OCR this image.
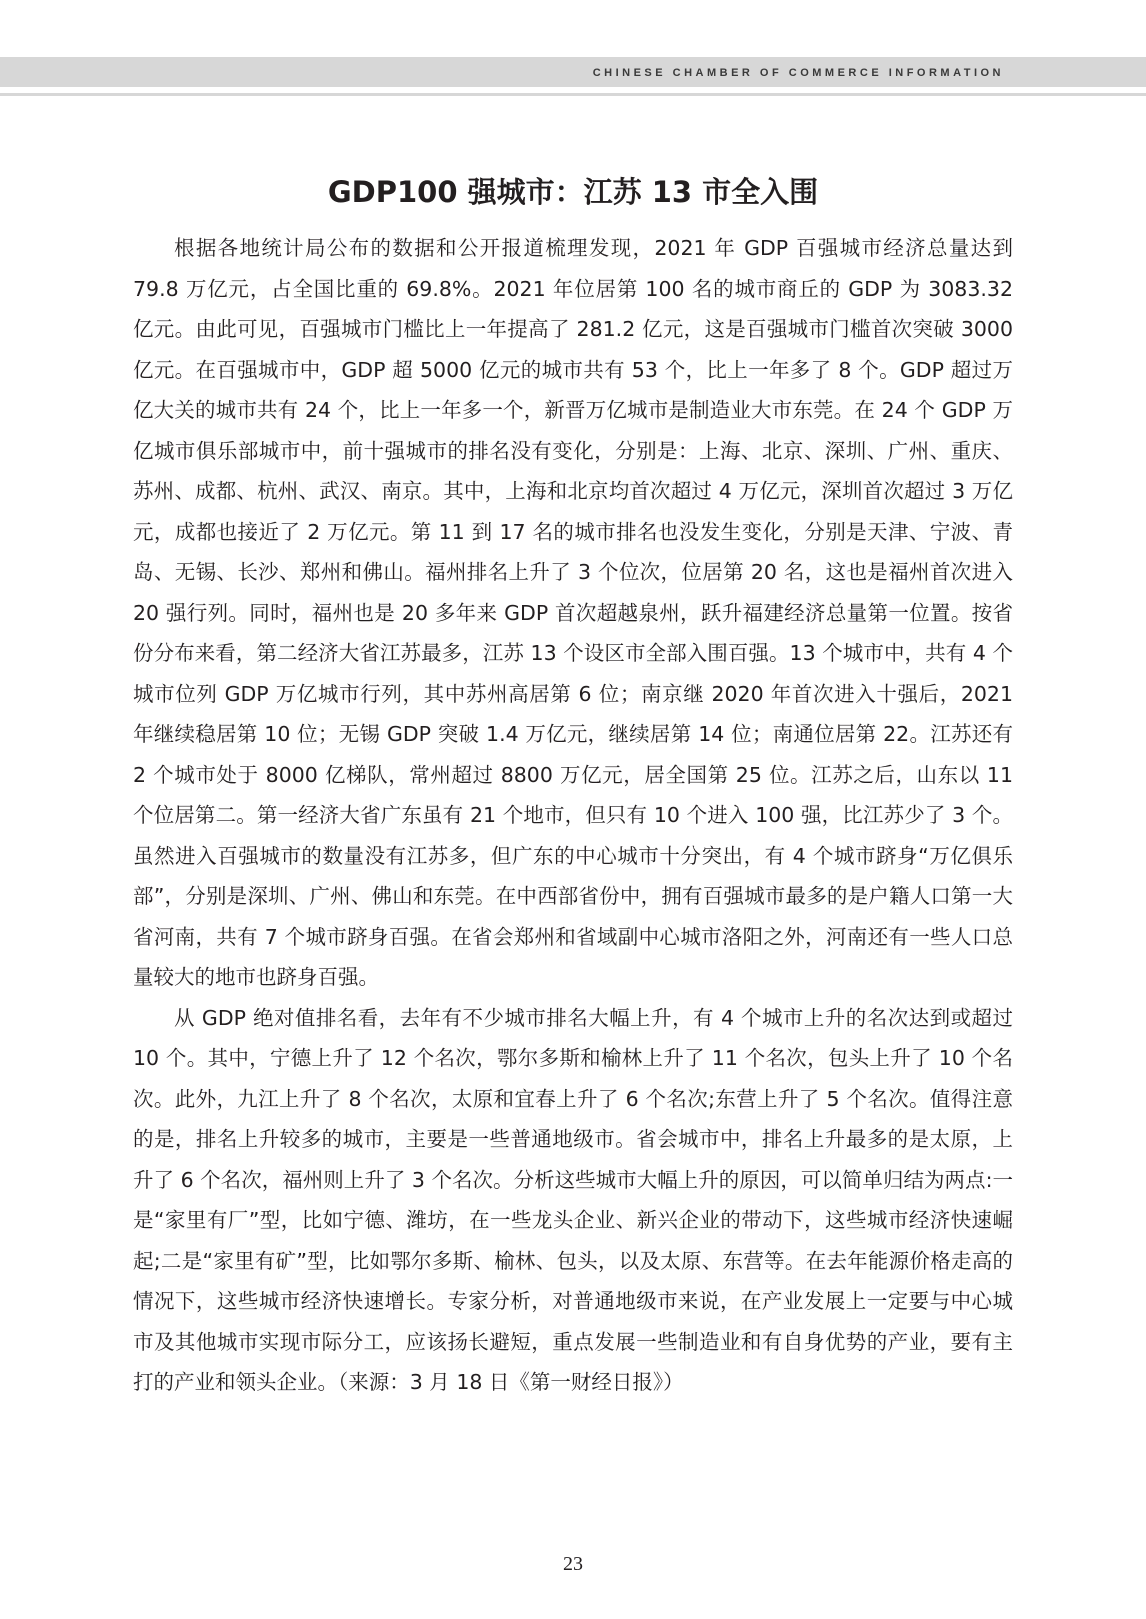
CHINESE CHAMBER OF COMMERCE INFORMATION
GDP100 强城市：江苏 13 市全入围

根据各地统计局公布的数据和公开报道梳理发现，2021 年 GDP 百强城市经济总量达到 79.8 万亿元，占全国比重的 69.8%。2021 年位居第 100 名的城市商丘的 GDP 为 3083.32 亿元。由此可见，百强城市门槛比上一年提高了 281.2 亿元，这是百强城市门槛首次突破 3000 亿元。在百强城市中，GDP 超 5000 亿元的城市共有 53 个，比上一年多了 8 个。GDP 超过万亿大关的城市共有 24 个，比上一年多一个，新晋万亿城市是制造业大市东莞。在 24 个 GDP 万亿城市俱乐部城市中，前十强城市的排名没有变化，分别是：上海、北京、深圳、广州、重庆、苏州、成都、杭州、武汉、南京。其中，上海和北京均首次超过 4 万亿元，深圳首次超过 3 万亿元，成都也接近了 2 万亿元。第 11 到 17 名的城市排名也没发生变化，分别是天津、宁波、青岛、无锡、长沙、郑州和佛山。福州排名上升了 3 个位次，位居第 20 名，这也是福州首次进入 20 强行列。同时，福州也是 20 多年来 GDP 首次超越泉州，跃升福建经济总量第一位置。按省份分布来看，第二经济大省江苏最多，江苏 13 个设区市全部入围百强。13 个城市中，共有 4 个城市位列 GDP 万亿城市行列，其中苏州高居第 6 位；南京继 2020 年首次进入十强后，2021 年继续稳居第 10 位；无锡 GDP 突破 1.4 万亿元，继续居第 14 位；南通位居第 22。江苏还有 2 个城市处于 8000 亿梯队，常州超过 8800 万亿元，居全国第 25 位。江苏之后，山东以 11 个位居第二。第一经济大省广东虽有 21 个地市，但只有 10 个进入 100 强，比江苏少了 3 个。虽然进入百强城市的数量没有江苏多，但广东的中心城市十分突出，有 4 个城市跻身“万亿俱乐部”，分别是深圳、广州、佛山和东莞。在中西部省份中，拥有百强城市最多的是户籍人口第一大省河南，共有 7 个城市跻身百强。在省会郑州和省域副中心城市洛阳之外，河南还有一些人口总量较大的地市也跻身百强。

从 GDP 绝对值排名看，去年有不少城市排名大幅上升，有 4 个城市上升的名次达到或超过 10 个。其中，宁德上升了 12 个名次，鄂尔多斯和榆林上升了 11 个名次，包头上升了 10 个名次。此外，九江上升了 8 个名次，太原和宜春上升了 6 个名次;东营上升了 5 个名次。值得注意的是，排名上升较多的城市，主要是一些普通地级市。省会城市中，排名上升最多的是太原，上升了 6 个名次，福州则上升了 3 个名次。分析这些城市大幅上升的原因，可以简单归结为两点:一是“家里有厂”型，比如宁德、潍坊，在一些龙头企业、新兴企业的带动下，这些城市经济快速崛起;二是“家里有矿”型，比如鄂尔多斯、榆林、包头，以及太原、东营等。在去年能源价格走高的情况下，这些城市经济快速增长。专家分析，对普通地级市来说，在产业发展上一定要与中心城市及其他城市实现市际分工，应该扬长避短，重点发展一些制造业和有自身优势的产业，要有主打的产业和领头企业。（来源：3 月 18 日《第一财经日报》）

23
